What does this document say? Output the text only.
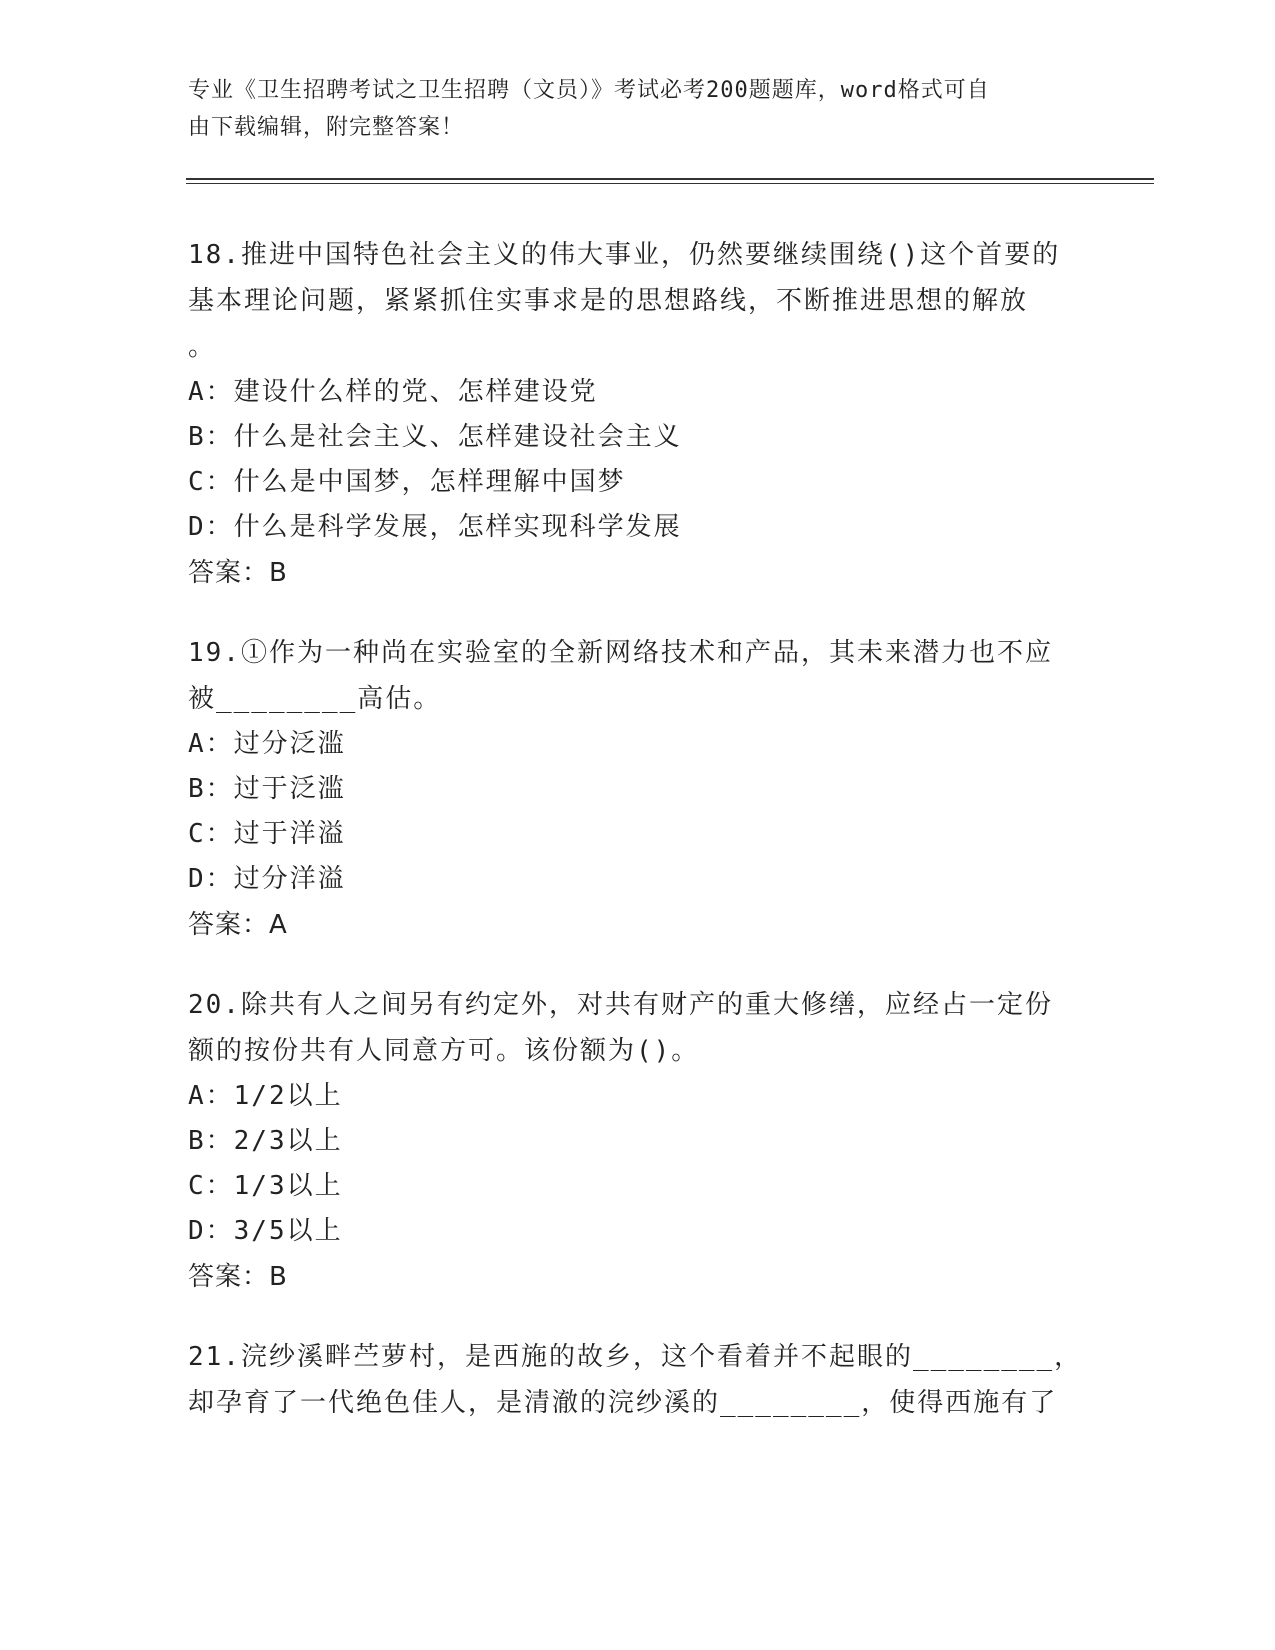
专业《卫生招聘考试之卫生招聘（文员）》考试必考200题题库，word格式可自
由下载编辑，附完整答案！

18.推进中国特色社会主义的伟大事业，仍然要继续围绕()这个首要的

基本理论问题，紧紧抓住实事求是的思想路线，不断推进思想的解放

。

A：建设什么样的党、怎样建设党

B：什么是社会主义、怎样建设社会主义

C：什么是中国梦，怎样理解中国梦

D：什么是科学发展，怎样实现科学发展

答案：B

19.①作为一种尚在实验室的全新网络技术和产品，其未来潜力也不应

被________高估。

A：过分泛滥

B：过于泛滥

C：过于洋溢

D：过分洋溢

答案：A

20.除共有人之间另有约定外，对共有财产的重大修缮，应经占一定份

额的按份共有人同意方可。该份额为()。

A：1/2以上

B：2/3以上

C：1/3以上

D：3/5以上

答案：B

21.浣纱溪畔苎萝村，是西施的故乡，这个看着并不起眼的________，

却孕育了一代绝色佳人，是清澈的浣纱溪的________，使得西施有了
